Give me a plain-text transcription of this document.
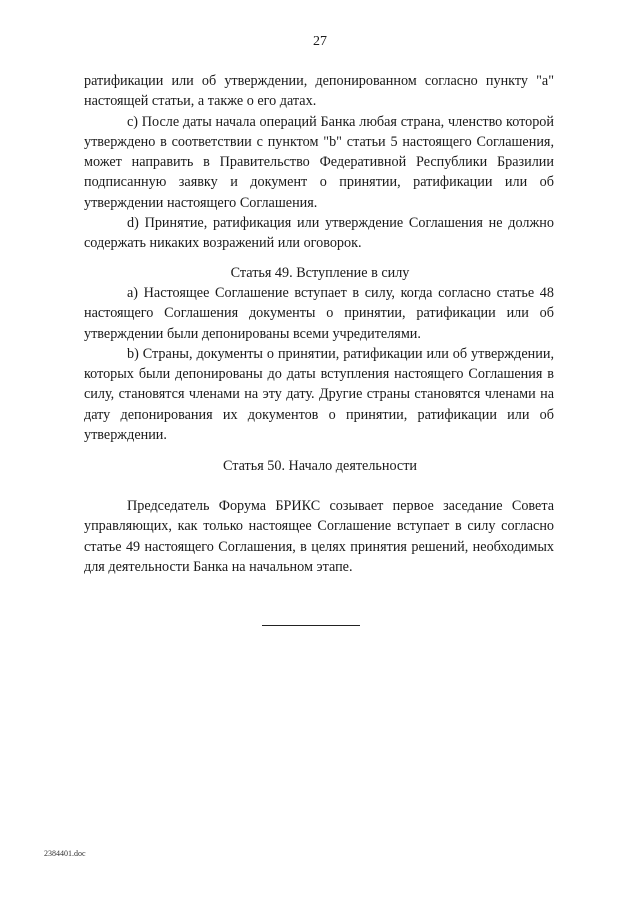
27

ратификации или об утверждении, депонированном согласно пункту "a" настоящей статьи, а также о его датах.

c) После даты начала операций Банка любая страна, членство которой утверждено в соответствии с пунктом "b" статьи 5 настоящего Соглашения, может направить в Правительство Федеративной Республики Бразилии подписанную заявку и документ о принятии, ратификации или об утверждении настоящего Соглашения.

d) Принятие, ратификация или утверждение Соглашения не должно содержать никаких возражений или оговорок.

Статья 49. Вступление в силу

a) Настоящее Соглашение вступает в силу, когда согласно статье 48 настоящего Соглашения документы о принятии, ратификации или об утверждении были депонированы всеми учредителями.

b) Страны, документы о принятии, ратификации или об утверждении, которых были депонированы до даты вступления настоящего Соглашения в силу, становятся членами на эту дату. Другие страны становятся членами на дату депонирования их документов о принятии, ратификации или об утверждении.

Статья 50. Начало деятельности

Председатель Форума БРИКС созывает первое заседание Совета управляющих, как только настоящее Соглашение вступает в силу согласно статье 49 настоящего Соглашения, в целях принятия решений, необходимых для деятельности Банка на начальном этапе.

2384401.doc
